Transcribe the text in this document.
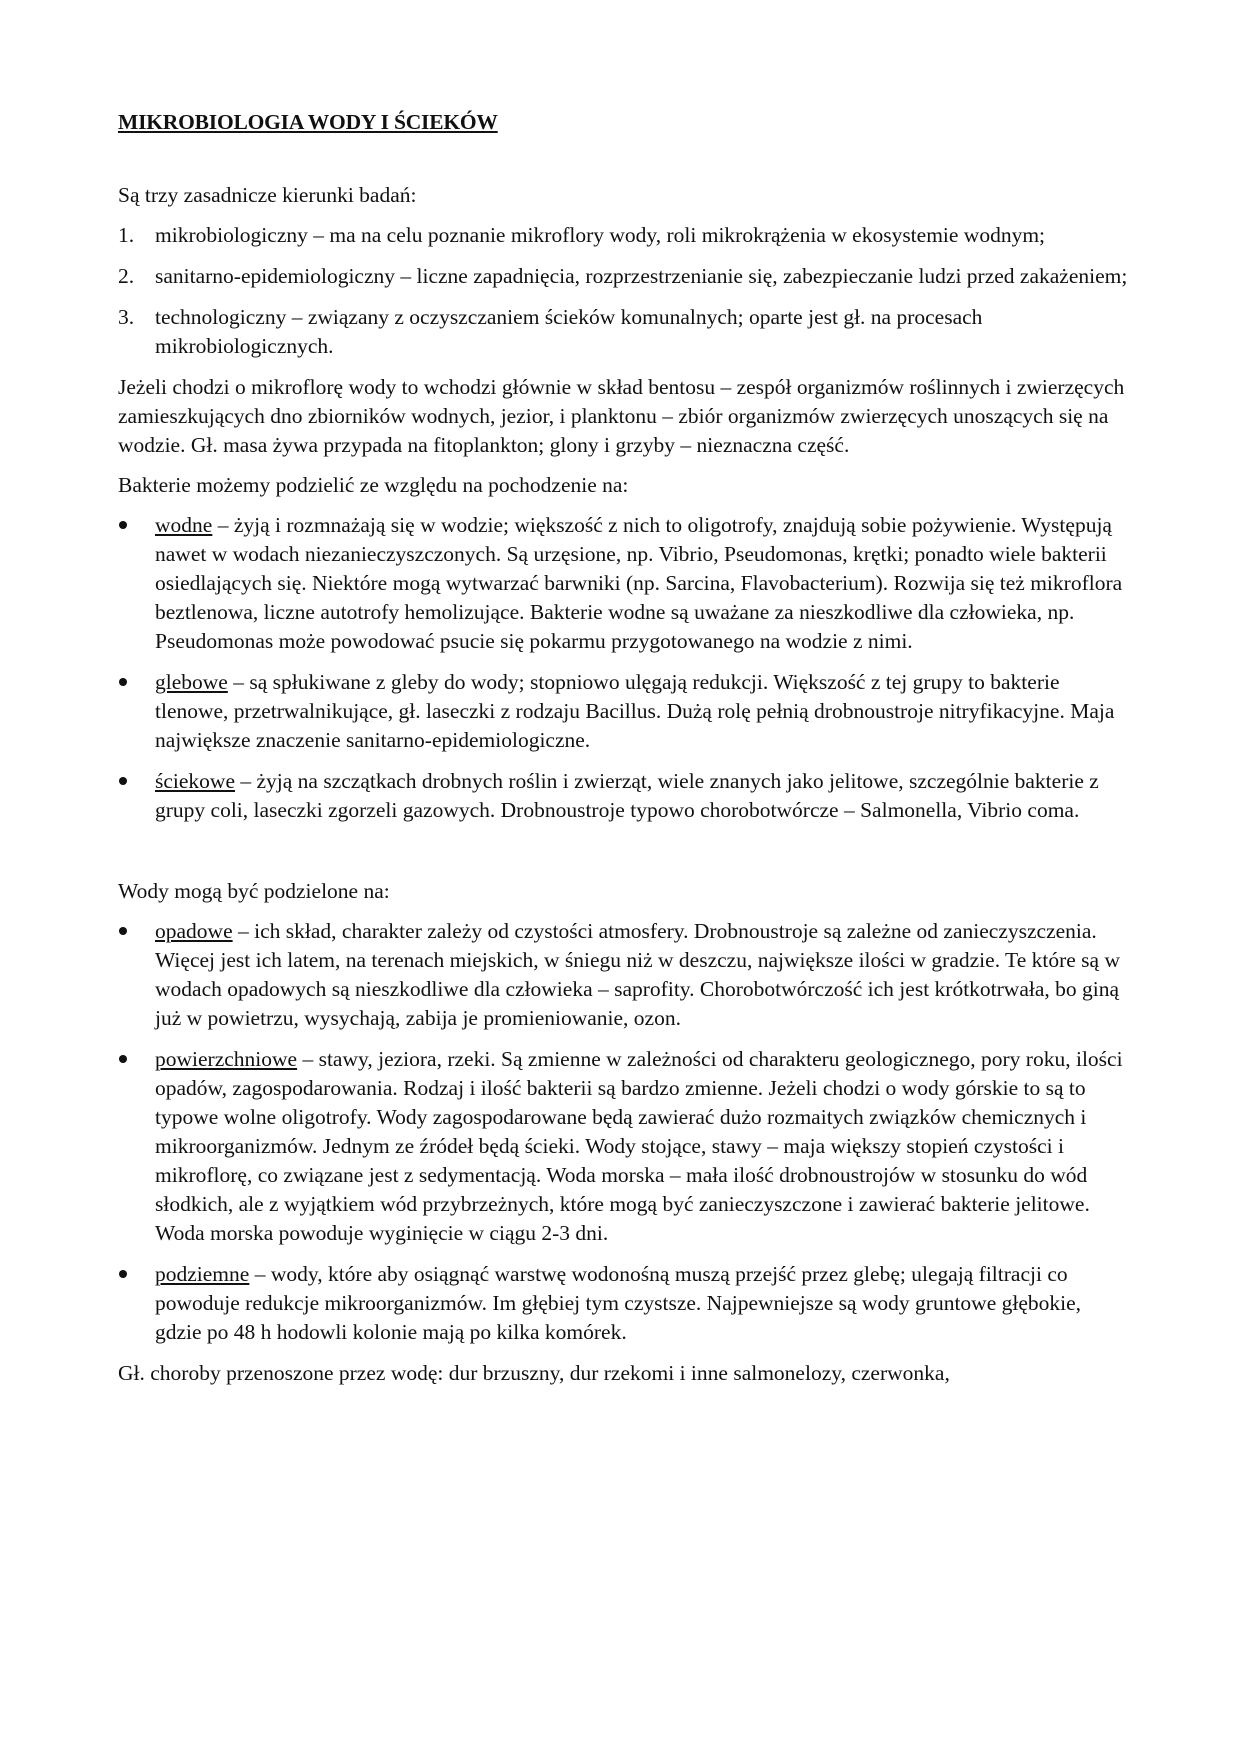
MIKROBIOLOGIA WODY I ŚCIEKÓW

Są trzy zasadnicze kierunki badań:

1. mikrobiologiczny – ma na celu poznanie mikroflory wody, roli mikrokrążenia w ekosystemie wodnym;
2. sanitarno-epidemiologiczny – liczne zapadnięcia, rozprzestrzenianie się, zabezpieczanie ludzi przed zakażeniem;
3. technologiczny – związany z oczyszczaniem ścieków komunalnych; oparte jest gł. na procesach mikrobiologicznych.

Jeżeli chodzi o mikroflorę wody to wchodzi głównie w skład bentosu – zespół organizmów roślinnych i zwierzęcych zamieszkujących dno zbiorników wodnych, jezior, i planktonu – zbiór organizmów zwierzęcych unoszących się na wodzie. Gł. masa żywa przypada na fitoplankton; glony i grzyby – nieznaczna część.

Bakterie możemy podzielić ze względu na pochodzenie na:

wodne – żyją i rozmnażają się w wodzie; większość z nich to oligotrofy, znajdują sobie pożywienie. Występują nawet w wodach niezanieczyszczonych. Są urzęsione, np. Vibrio, Pseudomonas, krętki; ponadto wiele bakterii osiedlających się. Niektóre mogą wytwarzać barwniki (np. Sarcina, Flavobacterium). Rozwija się też mikroflora beztlenowa, liczne autotrofy hemolizujące. Bakterie wodne są uważane za nieszkodliwe dla człowieka, np. Pseudomonas może powodować psucie się pokarmu przygotowanego na wodzie z nimi.
glebowe – są spłukiwane z gleby do wody; stopniowo ulęgają redukcji. Większość z tej grupy to bakterie tlenowe, przetrwalnikujące, gł. laseczki z rodzaju Bacillus. Dużą rolę pełnią drobnoustroje nitryfikacyjne. Maja największe znaczenie sanitarno-epidemiologiczne.
ściekowe – żyją na szczątkach drobnych roślin i zwierząt, wiele znanych jako jelitowe, szczególnie bakterie z grupy coli, laseczki zgorzeli gazowych. Drobnoustroje typowo chorobotwórcze – Salmonella, Vibrio coma.

Wody mogą być podzielone na:

opadowe – ich skład, charakter zależy od czystości atmosfery. Drobnoustroje są zależne od zanieczyszczenia. Więcej jest ich latem, na terenach miejskich, w śniegu niż w deszczu, największe ilości w gradzie. Te które są w wodach opadowych są nieszkodliwe dla człowieka – saprofity. Chorobotwórczość ich jest krótkotrwała, bo giną już w powietrzu, wysychają, zabija je promieniowanie, ozon.
powierzchniowe – stawy, jeziora, rzeki. Są zmienne w zależności od charakteru geologicznego, pory roku, ilości opadów, zagospodarowania. Rodzaj i ilość bakterii są bardzo zmienne. Jeżeli chodzi o wody górskie to są to typowe wolne oligotrofy. Wody zagospodarowane będą zawierać dużo rozmaitych związków chemicznych i mikroorganizmów. Jednym ze źródeł będą ścieki. Wody stojące, stawy – maja większy stopień czystości i mikroflorę, co związane jest z sedymentacją. Woda morska – mała ilość drobnoustrojów w stosunku do wód słodkich, ale z wyjątkiem wód przybrzeżnych, które mogą być zanieczyszczone i zawierać bakterie jelitowe. Woda morska powoduje wyginięcie w ciągu 2-3 dni.
podziemne – wody, które aby osiągnąć warstwę wodonośną muszą przejść przez glebę; ulegają filtracji co powoduje redukcje mikroorganizmów. Im głębiej tym czystsze. Najpewniejsze są wody gruntowe głębokie, gdzie po 48 h hodowli kolonie mają po kilka komórek.

Gł. choroby przenoszone przez wodę: dur brzuszny, dur rzekomi i inne salmonelozy, czerwonka,
